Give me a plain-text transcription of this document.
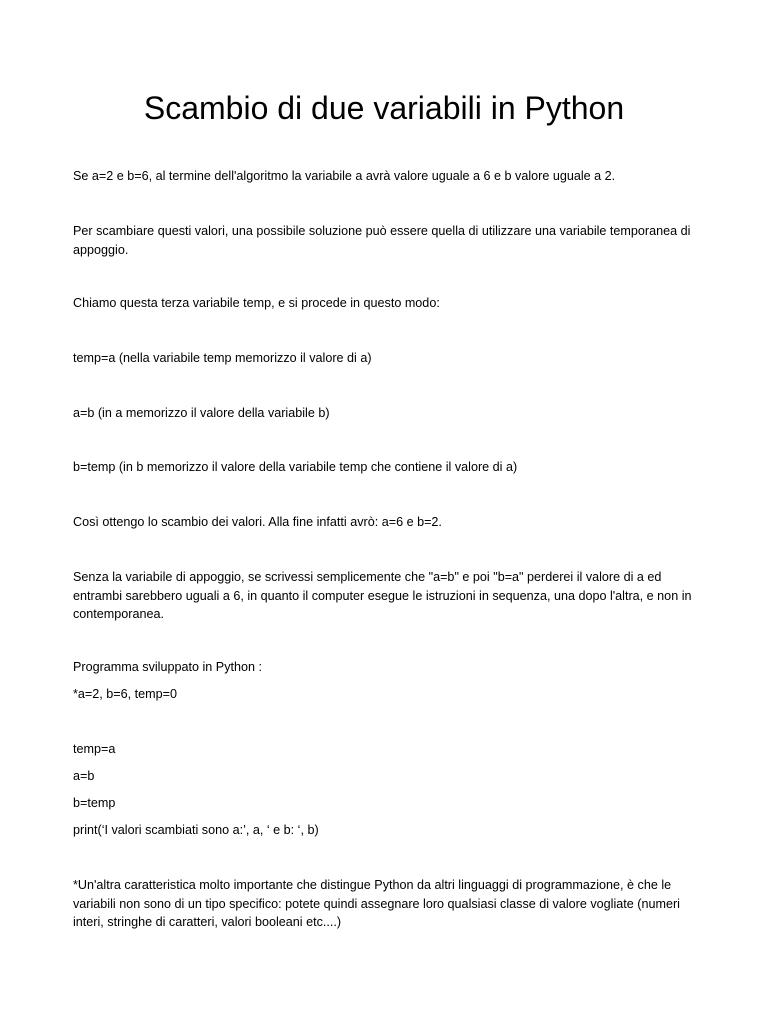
Scambio di due variabili in Python

Se a=2 e b=6, al termine dell'algoritmo la variabile a avrà valore uguale a 6 e b valore uguale a 2.

Per scambiare questi valori, una possibile soluzione può essere quella di utilizzare una variabile temporanea di appoggio.

Chiamo questa terza variabile temp, e si procede in questo modo:

temp=a (nella variabile temp memorizzo il valore di a)

a=b (in a memorizzo il valore della variabile b)

b=temp (in b memorizzo il valore della variabile temp che contiene il valore di a)

Così ottengo lo scambio dei valori. Alla fine infatti avrò: a=6 e b=2.

Senza la variabile di appoggio, se scrivessi semplicemente che "a=b" e poi "b=a" perderei il valore di a ed entrambi sarebbero uguali a 6, in quanto il computer esegue le istruzioni in sequenza, una dopo l'altra, e non in contemporanea.

Programma sviluppato in Python :

*a=2, b=6, temp=0

temp=a

a=b

b=temp

print(‘I valori scambiati sono a:’, a, ‘ e b: ‘, b)

*Un'altra caratteristica molto importante che distingue Python da altri linguaggi di programmazione, è che le variabili non sono di un tipo specifico: potete quindi assegnare loro qualsiasi classe di valore vogliate (numeri interi, stringhe di caratteri, valori booleani etc....)
